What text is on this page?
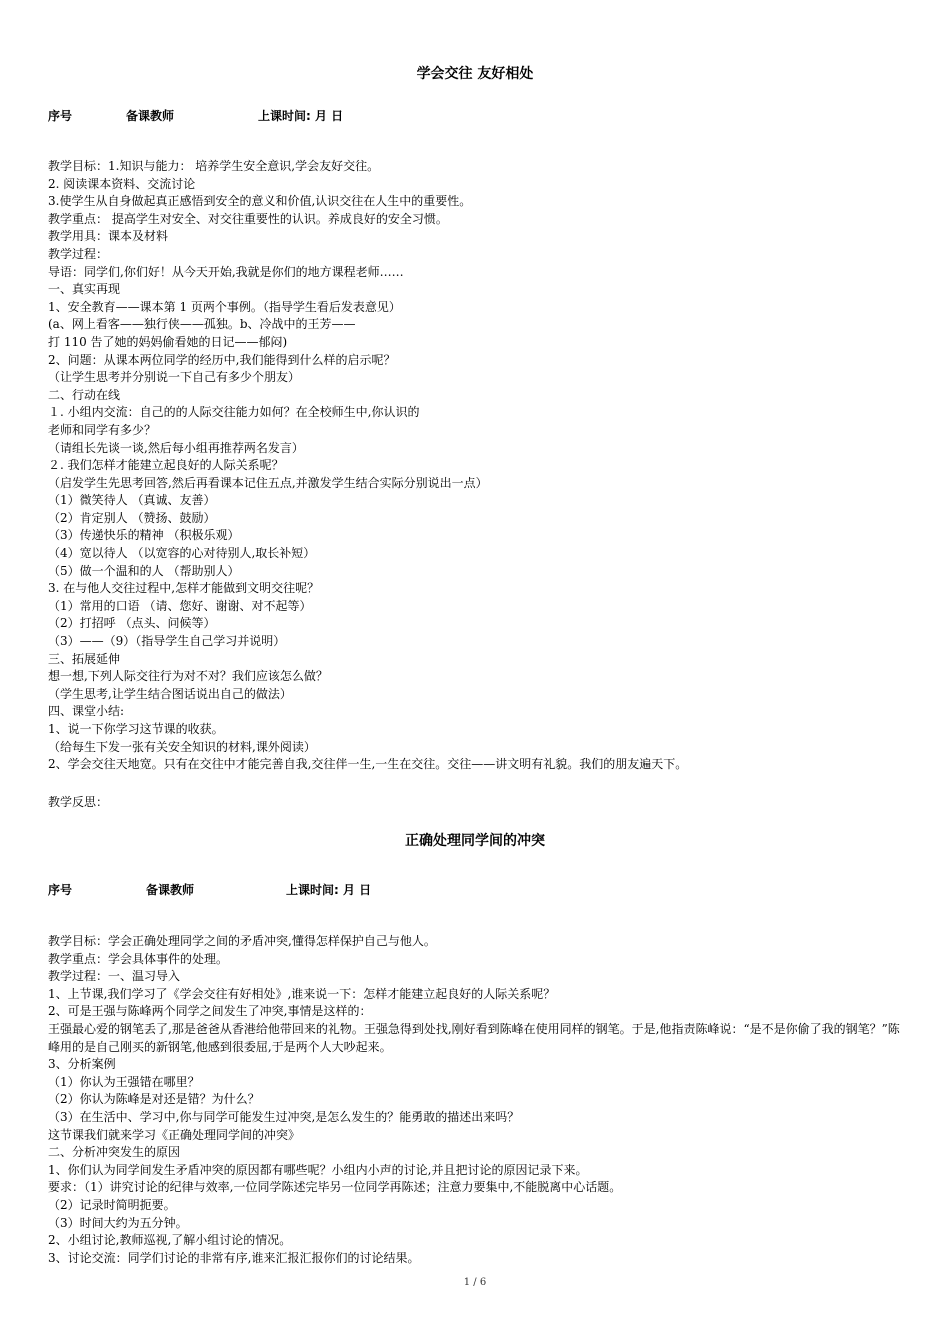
学会交往 友好相处
序号	备课教师	上课时间: 月 日
教学目标：1.知识与能力： 培养学生安全意识,学会友好交往。
2. 阅读课本资料、交流讨论
3.使学生从自身做起真正感悟到安全的意义和价值,认识交往在人生中的重要性。
教学重点： 提高学生对安全、对交往重要性的认识。养成良好的安全习惯。
教学用具：课本及材料
教学过程：
导语：同学们,你们好！从今天开始,我就是你们的地方课程老师……
一、真实再现
1、安全教育——课本第 1 页两个事例。（指导学生看后发表意见）
(a、网上看客——独行侠——孤独。b、冷战中的王芳——
打 110 告了她的妈妈偷看她的日记——郁闷)
2、问题：从课本两位同学的经历中,我们能得到什么样的启示呢？
（让学生思考并分别说一下自己有多少个朋友）
二、行动在线
１. 小组内交流：自己的的人际交往能力如何？在全校师生中,你认识的
老师和同学有多少？
（请组长先谈一谈,然后每小组再推荐两名发言）
２. 我们怎样才能建立起良好的人际关系呢？
（启发学生先思考回答,然后再看课本记住五点,并激发学生结合实际分别说出一点）
（1）微笑待人 （真诚、友善）
（2）肯定别人 （赞扬、鼓励）
（3）传递快乐的精神 （积极乐观）
（4）宽以待人 （以宽容的心对待别人,取长补短）
（5）做一个温和的人 （帮助别人）
3. 在与他人交往过程中,怎样才能做到文明交往呢？
（1）常用的口语 （请、您好、谢谢、对不起等）
（2）打招呼 （点头、问候等）
（3）——（9）（指导学生自己学习并说明）
三、拓展延伸
想一想,下列人际交往行为对不对？我们应该怎么做？
（学生思考,让学生结合图话说出自己的做法）
四、课堂小结:
1、说一下你学习这节课的收获。
（给每生下发一张有关安全知识的材料,课外阅读）
2、学会交往天地宽。只有在交往中才能完善自我,交往伴一生,一生在交往。交往——讲文明有礼貌。我们的朋友遍天下。
教学反思：
正确处理同学间的冲突
序号	备课教师	上课时间: 月 日
教学目标：学会正确处理同学之间的矛盾冲突,懂得怎样保护自己与他人。
教学重点：学会具体事件的处理。
教学过程：一、温习导入
1、上节课,我们学习了《学会交往有好相处》,谁来说一下：怎样才能建立起良好的人际关系呢？
2、可是王强与陈峰两个同学之间发生了冲突,事情是这样的：
王强最心爱的钢笔丢了,那是爸爸从香港给他带回来的礼物。王强急得到处找,刚好看到陈峰在使用同样的钢笔。于是,他指责陈峰说：“是不是你偷了我的钢笔？”陈峰用的是自己刚买的新钢笔,他感到很委屈,于是两个人大吵起来。
3、分析案例
（1）你认为王强错在哪里？
（2）你认为陈峰是对还是错？为什么？
（3）在生活中、学习中,你与同学可能发生过冲突,是怎么发生的？能勇敢的描述出来吗？
这节课我们就来学习《正确处理同学间的冲突》
二、分析冲突发生的原因
1、你们认为同学间发生矛盾冲突的原因都有哪些呢？小组内小声的讨论,并且把讨论的原因记录下来。
要求：（1）讲究讨论的纪律与效率,一位同学陈述完毕另一位同学再陈述；注意力要集中,不能脱离中心话题。
（2）记录时简明扼要。
（3）时间大约为五分钟。
2、小组讨论,教师巡视,了解小组讨论的情况。
3、讨论交流：同学们讨论的非常有序,谁来汇报汇报你们的讨论结果。
1 / 6
